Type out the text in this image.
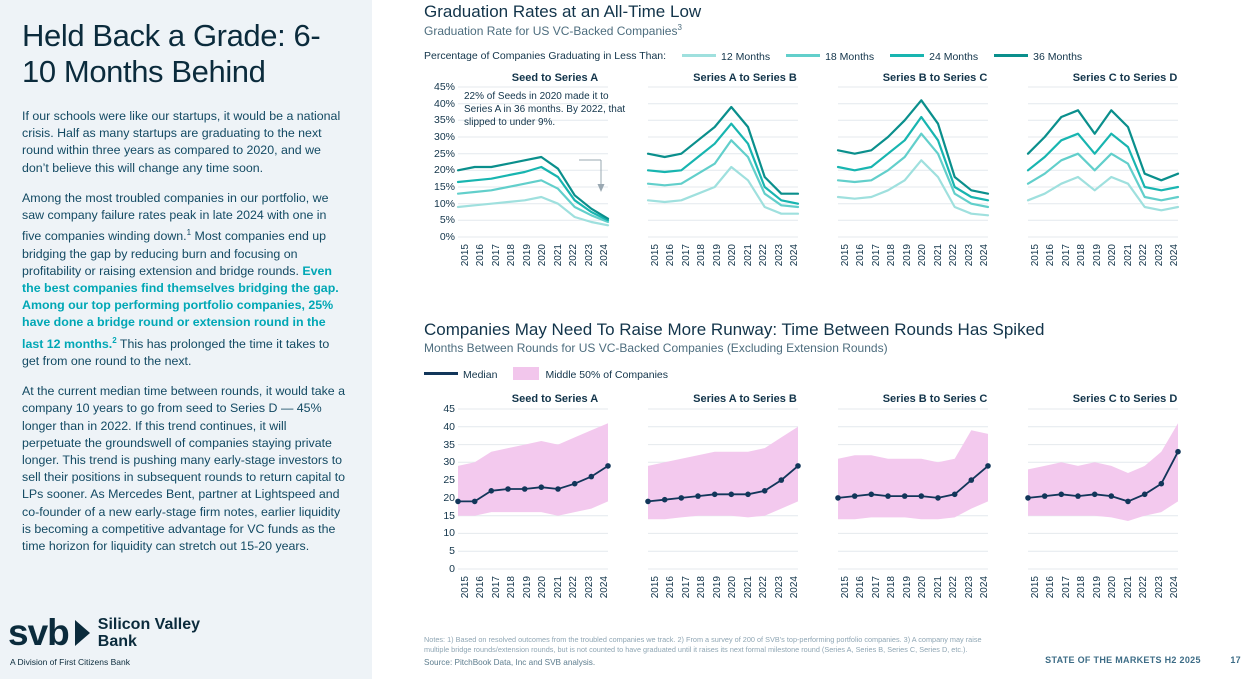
Held Back a Grade: 6-10 Months Behind

If our schools were like our startups, it would be a national crisis. Half as many startups are graduating to the next round within three years as compared to 2020, and we don’t believe this will change any time soon.

Among the most troubled companies in our portfolio, we saw company failure rates peak in late 2024 with one in five companies winding down.$^1$ Most companies end up bridging the gap by reducing burn and focusing on profitability or raising extension and bridge rounds. Even the best companies find themselves bridging the gap. Among our top performing portfolio companies, 25% have done a bridge round or extension round in the last 12 months.$^2$ This has prolonged the time it takes to get from one round to the next.

At the current median time between rounds, it would take a company 10 years to go from seed to Series D — 45% longer than in 2022. If this trend continues, it will perpetuate the groundswell of companies staying private longer. This trend is pushing many early-stage investors to sell their positions in subsequent rounds to return capital to LPs sooner. As Mercedes Bent, partner at Lightspeed and co-founder of a new early-stage firm notes, earlier liquidity is becoming a competitive advantage for VC funds as the time horizon for liquidity can stretch out 15-20 years.

svb Silicon Valley
Bank
A Division of First Citizens Bank
Graduation Rates at an All-Time Low

Graduation Rate for US VC-Backed Companies$^3$

Percentage of Companies Graduating in Less Than:	12 Months	18 Months	24 Months	36 Months
Seed to Series A	Series A to Series B	Series B to Series C	Series C to Series D
45%
40%
35%
30%
25%
20%
15%
10%
5%
0%
2015 2016 2017 2018 2019 2020 2021 2022 2023 2024	2015 2016 2017 2018 2019 2020 2021 2022 2023 2024	2015 2016 2017 2018 2019 2020 2021 2022 2023 2024	2015 2016 2017 2018 2019 2020 2021 2022 2023 2024
22% of Seeds in 2020 made it to Series A in 36 months. By 2022, that slipped to under 9%.
Companies May Need To Raise More Runway: Time Between Rounds Has Spiked

Months Between Rounds for US VC-Backed Companies (Excluding Extension Rounds)

Median	Middle 50% of Companies
Seed to Series A	Series A to Series B	Series B to Series C	Series C to Series D
45
40
35
30
25
20
15
10
5
0
2015 2016 2017 2018 2019 2020 2021 2022 2023 2024	2015 2016 2017 2018 2019 2020 2021 2022 2023 2024	2015 2016 2017 2018 2019 2020 2021 2022 2023 2024	2015 2016 2017 2018 2019 2020 2021 2022 2023 2024
Notes: 1) Based on resolved outcomes from the troubled companies we track. 2) From a survey of 200 of SVB’s top-performing portfolio companies. 3) A company may raise multiple bridge rounds/extension rounds, but is not counted to have graduated until it raises its next formal milestone round (Series A, Series B, Series C, Series D, etc.).
Source: PitchBook Data, Inc and SVB analysis.	STATE OF THE MARKETS H2 2025	17
